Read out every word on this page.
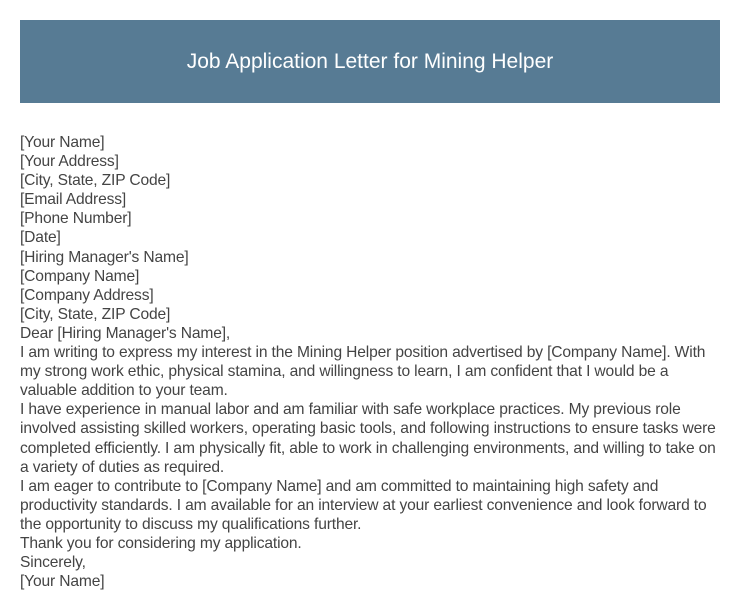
Job Application Letter for Mining Helper

[Your Name]

[Your Address]

[City, State, ZIP Code]

[Email Address]

[Phone Number]

[Date]

[Hiring Manager's Name]

[Company Name]

[Company Address]

[City, State, ZIP Code]

Dear [Hiring Manager's Name],

I am writing to express my interest in the Mining Helper position advertised by [Company Name]. With my strong work ethic, physical stamina, and willingness to learn, I am confident that I would be a valuable addition to your team.

I have experience in manual labor and am familiar with safe workplace practices. My previous role involved assisting skilled workers, operating basic tools, and following instructions to ensure tasks were completed efficiently. I am physically fit, able to work in challenging environments, and willing to take on a variety of duties as required.

I am eager to contribute to [Company Name] and am committed to maintaining high safety and productivity standards. I am available for an interview at your earliest convenience and look forward to the opportunity to discuss my qualifications further.

Thank you for considering my application.

Sincerely,

[Your Name]
